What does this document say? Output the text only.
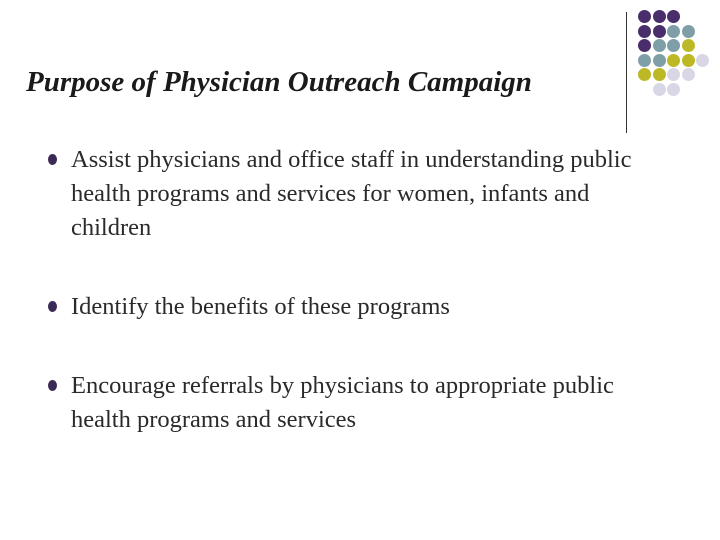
Purpose of Physician Outreach Campaign
Assist physicians and office staff in understanding public health programs and services for women, infants and children
Identify the benefits of these programs
Encourage referrals by physicians to appropriate public health programs and services
